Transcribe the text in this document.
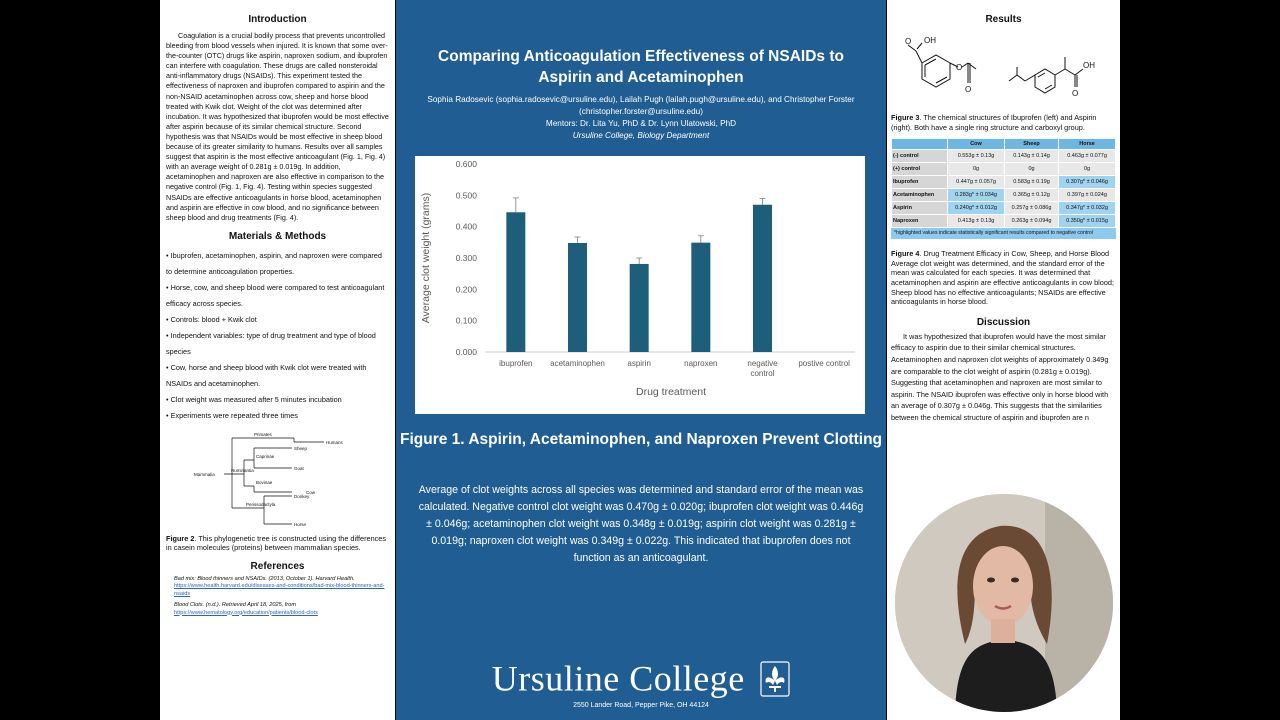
Introduction

Coagulation is a crucial bodily process that prevents uncontrolled bleeding from blood vessels when injured. It is known that some over-the-counter (OTC) drugs like aspirin, naproxen sodium, and ibuprofen can interfere with coagulation. These drugs are called nonsteroidal anti-inflammatory drugs (NSAIDs). This experiment tested the effectiveness of naproxen and ibuprofen compared to aspirin and the non-NSAID acetaminophen across cow, sheep and horse blood treated with Kwik clot. Weight of the clot was determined after incubation. It was hypothesized that ibuprofen would be most effective after aspirin because of its similar chemical structure. Second hypothesis was that NSAIDs would be most effective in sheep blood because of its greater similarity to humans. Results over all samples suggest that aspirin is the most effective anticoagulant (Fig. 1, Fig. 4) with an average weight of 0.281g ± 0.019g. In addition, acetaminophen and naproxen are also effective in comparison to the negative control (Fig. 1, Fig. 4). Testing within species suggested NSAIDs are effective anticoagulants in horse blood, acetaminophen and aspirin are effective in cow blood, and no significance between sheep blood and drug treatments (Fig. 4).

Materials & Methods
• Ibuprofen, acetaminophen, aspirin, and naproxen were compared to determine anticoagulation properties.
• Horse, cow, and sheep blood were compared to test anticoagulant efficacy across species.
• Controls: blood + Kwik clot
• Independent variables: type of drug treatment and type of blood species
• Cow, horse and sheep blood with Kwik clot were treated with NSAIDs and acetaminophen.
• Clot weight was measured after 5 minutes incubation
• Experiments were repeated three times
Mammalia
Primates
Humans
Ruminantia
Caprinae
Sheep
Goat
Bovinae
Cow
Perissodactyla
Donkey
Horse

Figure 2. This phylogenetic tree is constructed using the differences in casein molecules (proteins) between mammalian species.

References
Bad mix: Blood thinners and NSAIDs. (2013, October 1). Harvard Health.
https://www.health.harvard.edu/diseases-and-conditions/bad-mix-blood-thinners-and-nsaids
Blood Clots. (n.d.). Retrieved April 18, 2025, from
https://www.hematology.org/education/patients/blood-clots
Comparing Anticoagulation Effectiveness of NSAIDs to Aspirin and Acetaminophen

Sophia Radosevic (sophia.radosevic@ursuline.edu), Lailah Pugh (lailah.pugh@ursuline.edu), and Christopher Forster (christopher.forster@ursuline.edu)

Mentors: Dr. Lita Yu, PhD & Dr. Lynn Ulatowski, PhD

Ursuline College, Biology Department

0.000
0.100
0.200
0.300
0.400
0.500
0.600
ibuprofen acetaminophen	aspirin	naproxen	negative control
postive control
Average clot weight (grams)
Drug treatment
Figure 1. Aspirin, Acetaminophen, and Naproxen Prevent Clotting

Average of clot weights across all species was determined and standard error of the mean was calculated. Negative control clot weight was 0.470g ± 0.020g; ibuprofen clot weight was 0.446g ± 0.046g; acetaminophen clot weight was 0.348g ± 0.019g; aspirin clot weight was 0.281g ± 0.019g; naproxen clot weight was 0.349g ± 0.022g. This indicated that ibuprofen does not function as an anticoagulant.

Ursuline College
2550 Lander Road, Pepper Pike, OH 44124
Results
OH
O
O
O
OH
O

Figure 3. The chemical structures of Ibuprofen (left) and Aspirin (right). Both have a single ring structure and carboxyl group.

	Cow	Sheep	Horse
(-) control	0.553g ± 0.13g	0.143g ± 0.14g	0.463g ± 0.077g
(+) control	0g	0g	0g
Ibuprofen	0.447g ± 0.057g	0.583g ± 0.19g	0.307g* ± 0.046g
Acetaminophen	0.283g* ± 0.034g	0.365g ± 0.12g	0.397g ± 0.024g
Aspirin	0.240g* ± 0.012g	0.257g ± 0.086g	0.347g* ± 0.032g
Naproxen	0.413g ± 0.13g	0.263g ± 0.094g	0.350g* ± 0.015g
*highlighted values indicate statistically significant results compared to negative control

Figure 4. Drug Treatment Efficacy in Cow, Sheep, and Horse Blood Average clot weight was determined, and the standard error of the mean was calculated for each species. It was determined that acetaminophen and aspirin are effective anticoagulants in cow blood; Sheep blood has no effective anticoagulants; NSAIDs are effective anticoagulants in horse blood.

Discussion

It was hypothesized that ibuprofen would have the most similar efficacy to aspirin due to their similar chemical structures. Acetaminophen and naproxen clot weights of approximately 0.349g are comparable to the clot weight of aspirin (0.281g ± 0.019g). Suggesting that acetaminophen and naproxen are most similar to aspirin. The NSAID ibuprofen was effective only in horse blood with an average of 0.307g ± 0.046g. This suggests that the similarities between the chemical structure of aspirin and ibuprofen are n
